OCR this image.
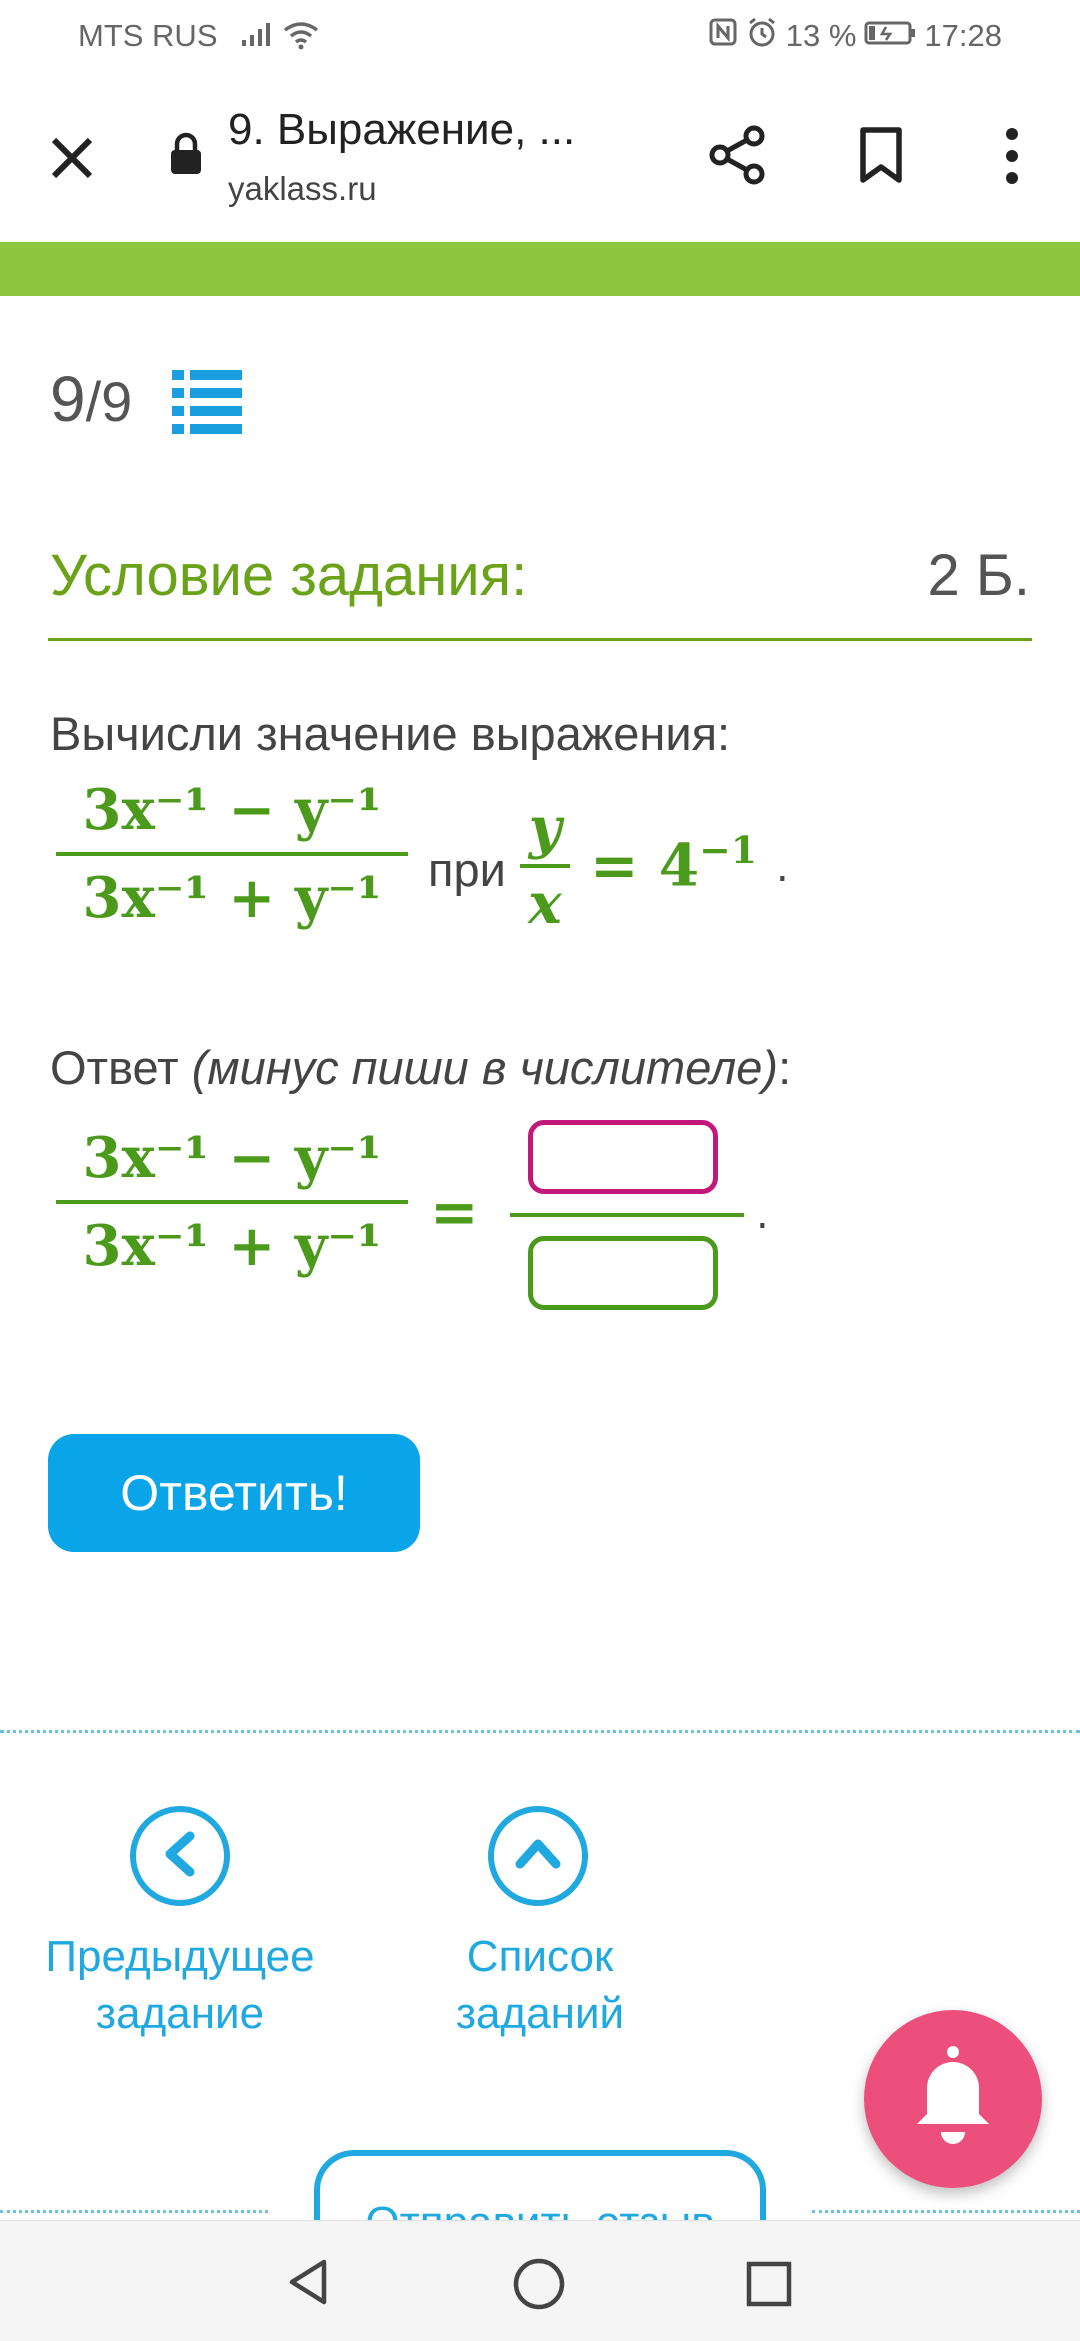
MTS RUS	13 % 17:28
9. Выражение, ...
yaklass.ru
9/9
Условие задания:	2 Б.
Вычисли значение выражения:
3x⁻¹ − y⁻¹
3x⁻¹ + y⁻¹ при
y
x
= $4^{-1}$ .
Ответ (минус пиши в числителе):
3x⁻¹ − y⁻¹
3x⁻¹ + y⁻¹ =	.
Ответить!
Предыдущее
задание
Список
заданий
